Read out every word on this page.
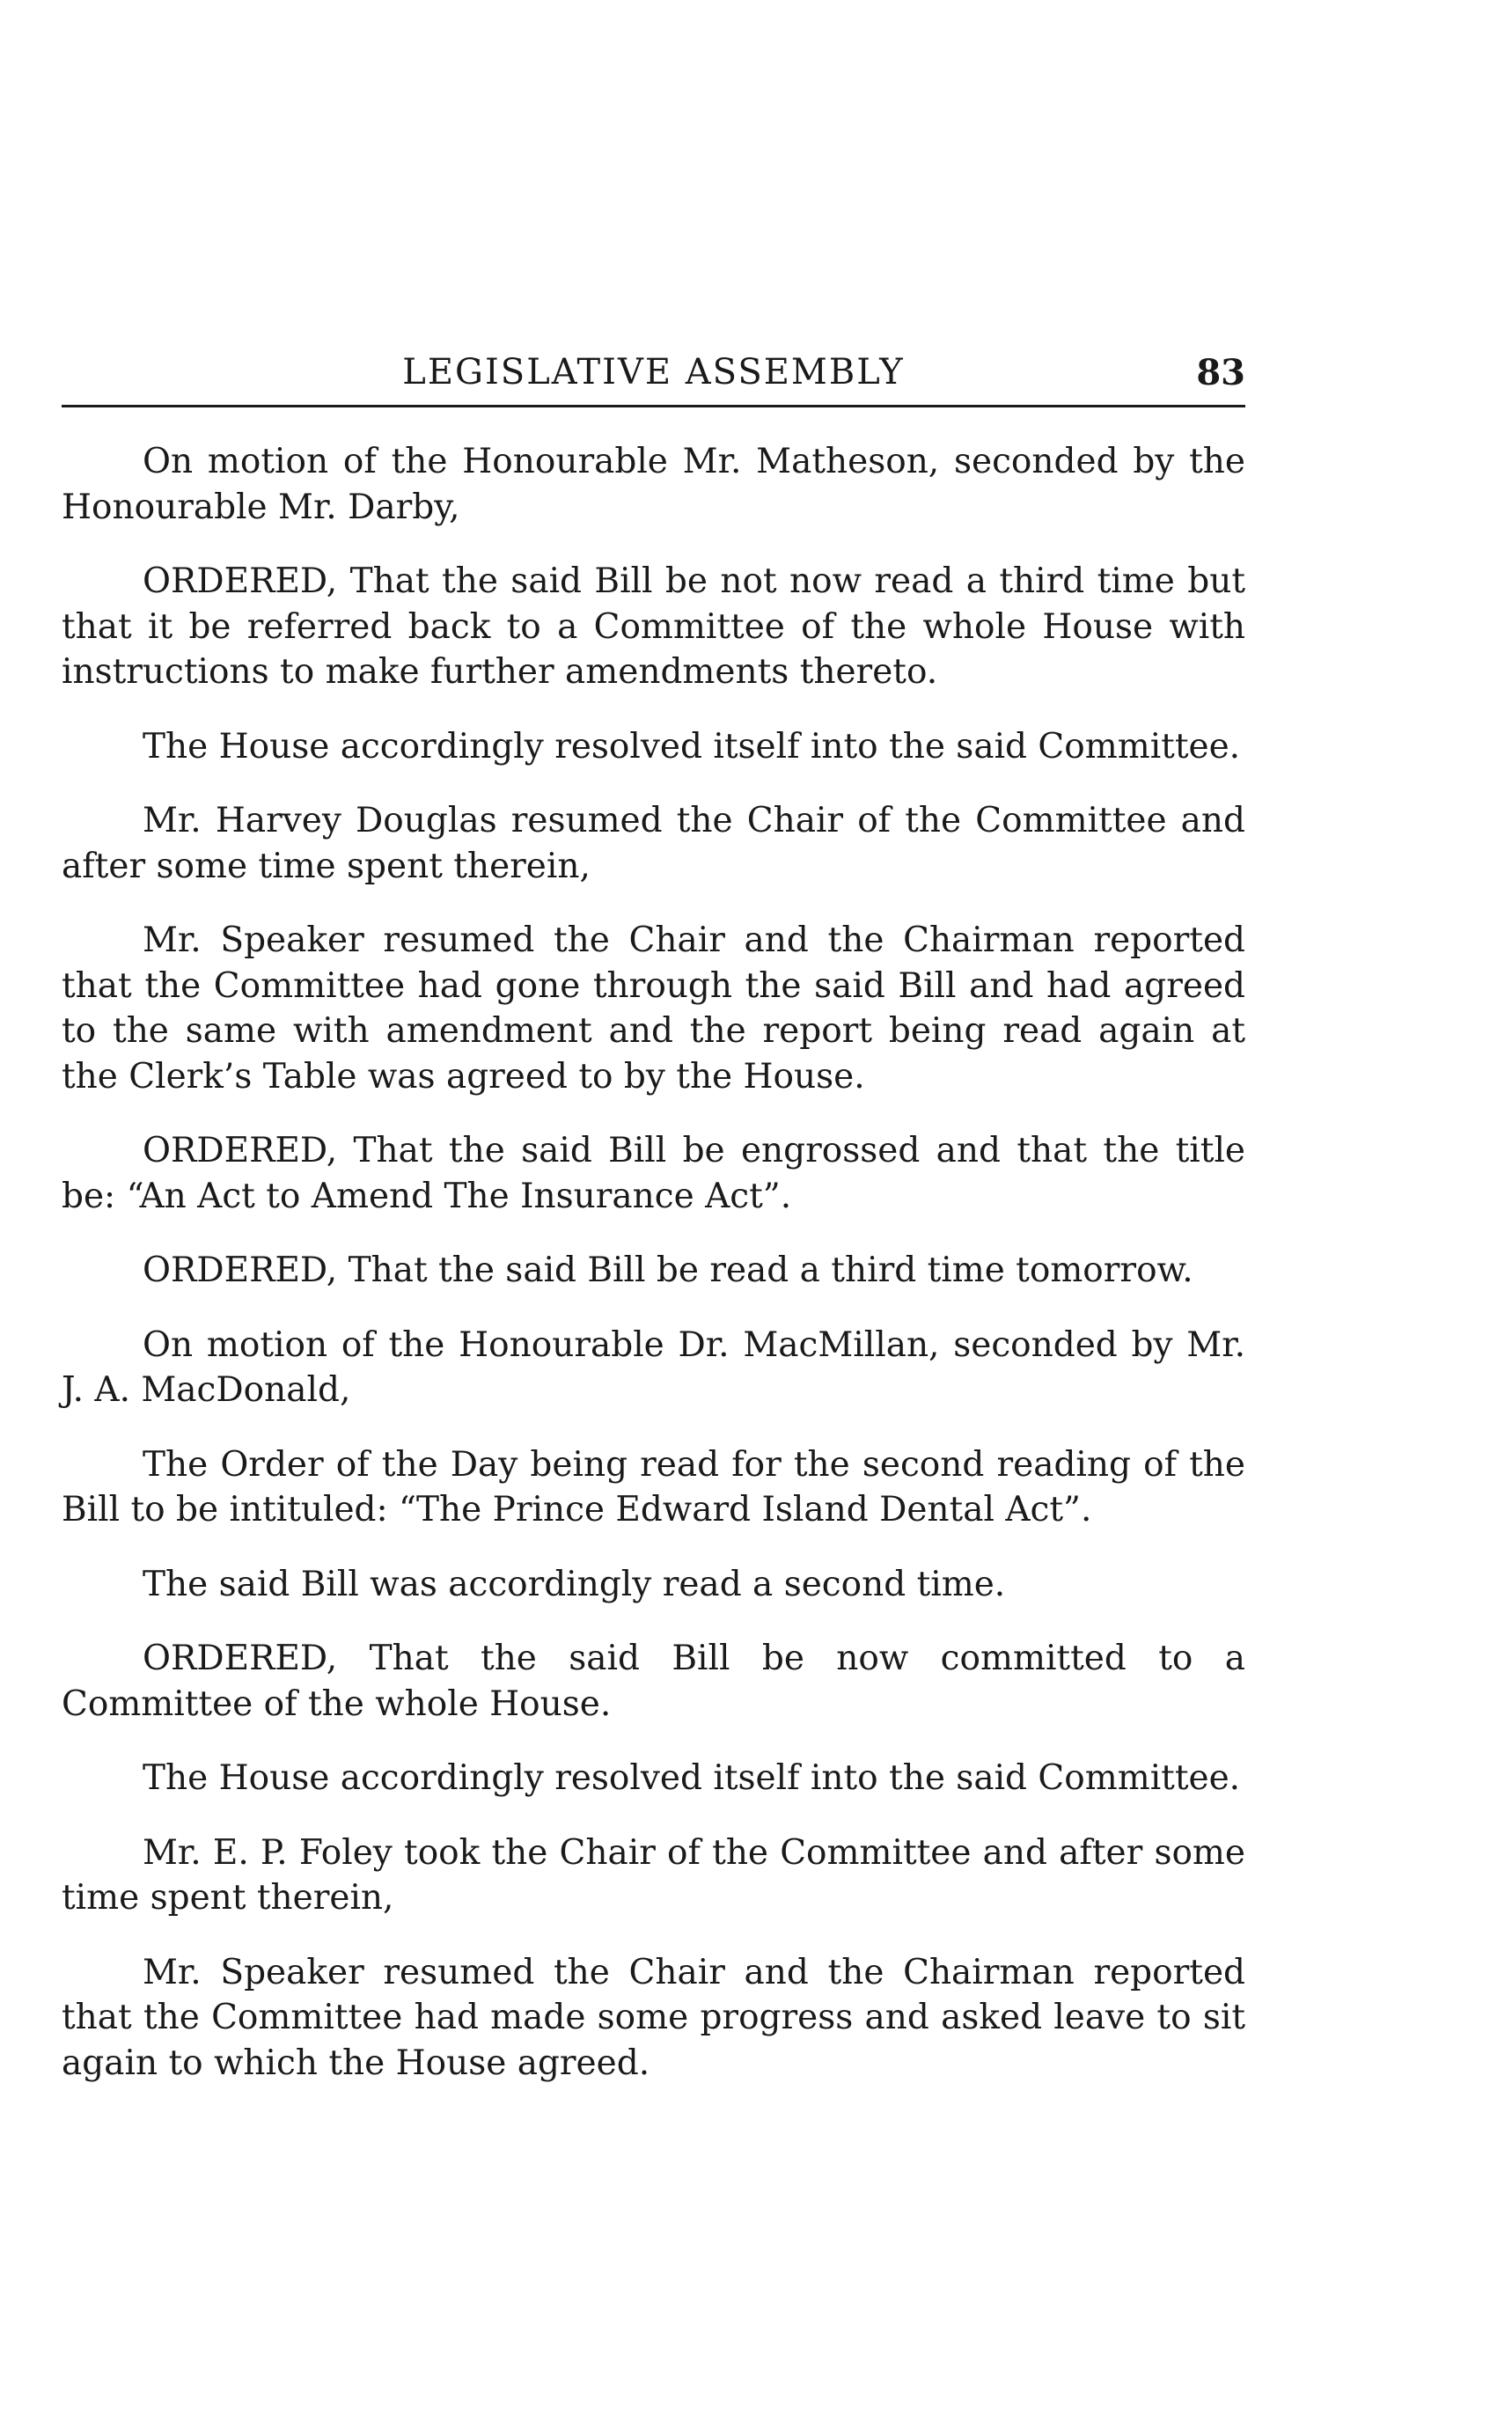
LEGISLATIVE ASSEMBLY	83

On motion of the Honourable Mr. Matheson, seconded by the Honourable Mr. Darby,

ORDERED, That the said Bill be not now read a third time but that it be referred back to a Committee of the whole House with instructions to make further amendments thereto.

The House accordingly resolved itself into the said Committee.

Mr. Harvey Douglas resumed the Chair of the Committee and after some time spent therein,

Mr. Speaker resumed the Chair and the Chairman reported that the Committee had gone through the said Bill and had agreed to the same with amendment and the report being read again at the Clerk’s Table was agreed to by the House.

ORDERED, That the said Bill be engrossed and that the title be: “An Act to Amend The Insurance Act”.

ORDERED, That the said Bill be read a third time tomorrow.

On motion of the Honourable Dr. MacMillan, seconded by Mr. J. A. MacDonald,

The Order of the Day being read for the second reading of the Bill to be intituled: “The Prince Edward Island Dental Act”.

The said Bill was accordingly read a second time.

ORDERED, That the said Bill be now committed to a Committee of the whole House.

The House accordingly resolved itself into the said Committee.

Mr. E. P. Foley took the Chair of the Committee and after some time spent therein,

Mr. Speaker resumed the Chair and the Chairman reported that the Committee had made some progress and asked leave to sit again to which the House agreed.
